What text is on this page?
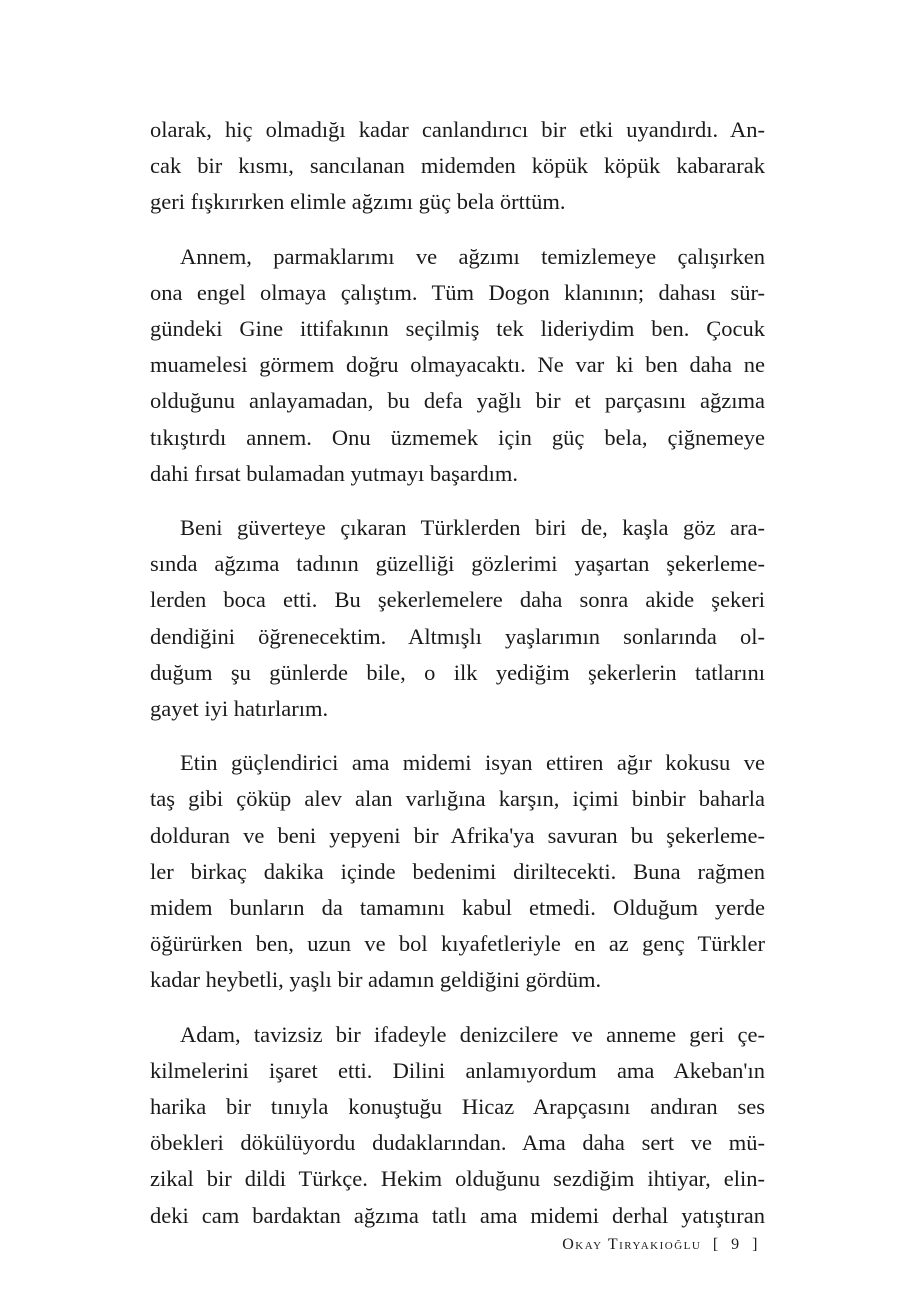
olarak, hiç olmadığı kadar canlandırıcı bir etki uyandırdı. An-
cak bir kısmı, sancılanan midemden köpük köpük kabararak
geri fışkırırken elimle ağzımı güç bela örttüm.

Annem, parmaklarımı ve ağzımı temizlemeye çalışırken
ona engel olmaya çalıştım. Tüm Dogon klanının; dahası sür-
gündeki Gine ittifakının seçilmiş tek lideriydim ben. Çocuk
muamelesi görmem doğru olmayacaktı. Ne var ki ben daha ne
olduğunu anlayamadan, bu defa yağlı bir et parçasını ağzıma
tıkıştırdı annem. Onu üzmemek için güç bela, çiğnemeye
dahi fırsat bulamadan yutmayı başardım.

Beni güverteye çıkaran Türklerden biri de, kaşla göz ara-
sında ağzıma tadının güzelliği gözlerimi yaşartan şekerleme-
lerden boca etti. Bu şekerlemelere daha sonra akide şekeri
dendiğini öğrenecektim. Altmışlı yaşlarımın sonlarında ol-
duğum şu günlerde bile, o ilk yediğim şekerlerin tatlarını
gayet iyi hatırlarım.

Etin güçlendirici ama midemi isyan ettiren ağır kokusu ve
taş gibi çöküp alev alan varlığına karşın, içimi binbir baharla
dolduran ve beni yepyeni bir Afrika'ya savuran bu şekerleme-
ler birkaç dakika içinde bedenimi diriltecekti. Buna rağmen
midem bunların da tamamını kabul etmedi. Olduğum yerde
öğürürken ben, uzun ve bol kıyafetleriyle en az genç Türkler
kadar heybetli, yaşlı bir adamın geldiğini gördüm.

Adam, tavizsiz bir ifadeyle denizcilere ve anneme geri çe-
kilmelerini işaret etti. Dilini anlamıyordum ama Akeban'ın
harika bir tınıyla konuştuğu Hicaz Arapçasını andıran ses
öbekleri dökülüyordu dudaklarından. Ama daha sert ve mü-
zikal bir dildi Türkçe. Hekim olduğunu sezdiğim ihtiyar, elin-
deki cam bardaktan ağzıma tatlı ama midemi derhal yatıştıran

Okay Tiryakioğlu [ 9 ]
